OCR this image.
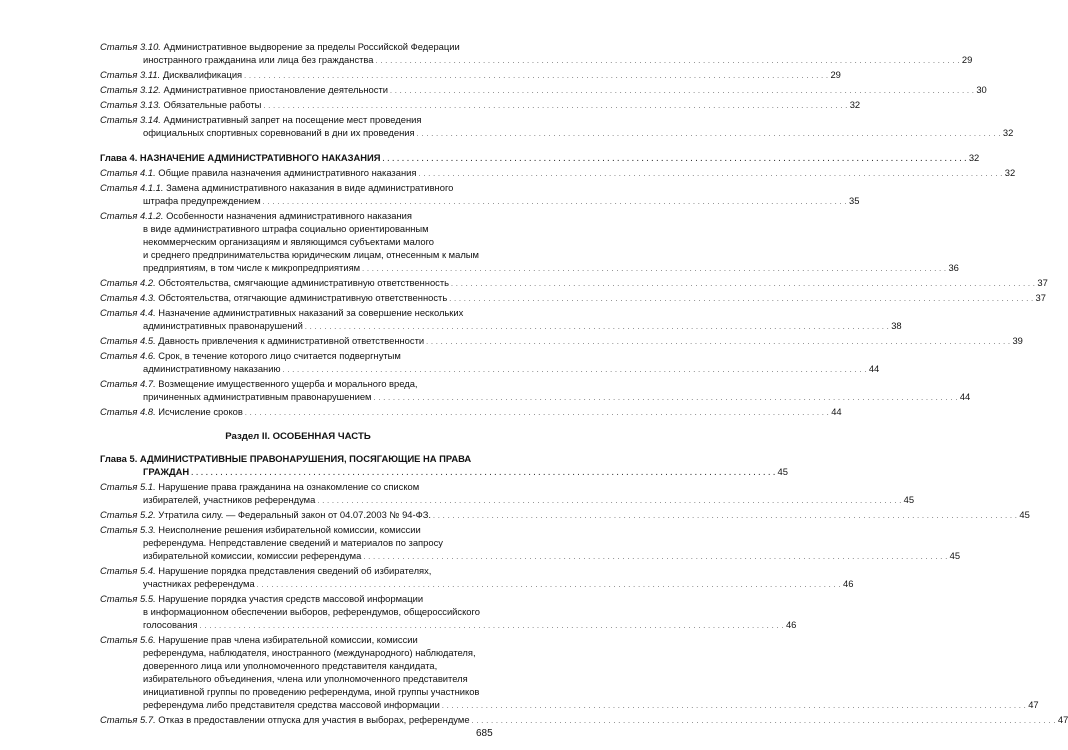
Статья 3.10. Административное выдворение за пределы Российской Федерации
иностранного гражданина или лица без гражданства . . . . . . . . . . . . . . . . . . . . . . . . . . . . . . . . . . . . . . . . . . . . . . . . . . . . . . . . . . . . . . . . . . . . . . . . . . . . . . . . . . . . . . . . . . . . . . . . . . . . . . . . . . . . . . . . . . . . . . . . 29
Статья 3.11. Дисквалификация . . . . . . . . . . . . . . . . . . . . . . . . . . . . . . . . . . . . . . . . . . . . . . . . . . . . . . . . . . . . . . . . . . . . . . . . . . . . . . . . . . . . . . . . . . . . . . . . . . . . . . . . . . . . . . . . . . . . . . . . 29
Статья 3.12. Административное приостановление деятельности . . . . . . . . . . . . . . . . . . . . . . . . . . . . . . . . . . . . . . . . . . . . . . . . . . . . . . . . . . . . . . . . . . . . . . . . . . . . . . . . . . . . . . . . . . . . . . . . . . . . . . . . . . . . . . . . . . . . . . . . 30
Статья 3.13. Обязательные работы . . . . . . . . . . . . . . . . . . . . . . . . . . . . . . . . . . . . . . . . . . . . . . . . . . . . . . . . . . . . . . . . . . . . . . . . . . . . . . . . . . . . . . . . . . . . . . . . . . . . . . . . . . . . . . . . . . . . . . . . 32
Статья 3.14. Административный запрет на посещение мест проведения
официальных спортивных соревнований в дни их проведения . . . . . . . . . . . . . . . . . . . . . . . . . . . . . . . . . . . . . . . . . . . . . . . . . . . . . . . . . . . . . . . . . . . . . . . . . . . . . . . . . . . . . . . . . . . . . . . . . . . . . . . . . . . . . . . . . . . . . . . . 32
Глава 4. НАЗНАЧЕНИЕ АДМИНИСТРАТИВНОГО НАКАЗАНИЯ . . . . . . . . . . . . . . . . . . . . . . . . . . . . . . . . . . . . . . . . . . . . . . . . . . . . . . . . . . . . . . . . . . . . . . . . . . . . . . . . . . . . . . . . . . . . . . . . . . . . . . . . . . . . . . . . . . . . . . . . 32
Статья 4.1. Общие правила назначения административного наказания . . . . . . . . . . . . . . . . . . . . . . . . . . . . . . . . . . . . . . . . . . . . . . . . . . . . . . . . . . . . . . . . . . . . . . . . . . . . . . . . . . . . . . . . . . . . . . . . . . . . . . . . . . . . . . . . . . . . . . . . 32
Статья 4.1.1. Замена административного наказания в виде административного
штрафа предупреждением . . . . . . . . . . . . . . . . . . . . . . . . . . . . . . . . . . . . . . . . . . . . . . . . . . . . . . . . . . . . . . . . . . . . . . . . . . . . . . . . . . . . . . . . . . . . . . . . . . . . . . . . . . . . . . . . . . . . . . . . 35
Статья 4.1.2. Особенности назначения административного наказания
в виде административного штрафа социально ориентированным
некоммерческим организациям и являющимся субъектами малого
и среднего предпринимательства юридическим лицам, отнесенным к малым
предприятиям, в том числе к микропредприятиям . . . . . . . . . . . . . . . . . . . . . . . . . . . . . . . . . . . . . . . . . . . . . . . . . . . . . . . . . . . . . . . . . . . . . . . . . . . . . . . . . . . . . . . . . . . . . . . . . . . . . . . . . . . . . . . . . . . . . . . . 36
Статья 4.2. Обстоятельства, смягчающие административную ответственность . . . . . . . . . . . . . . . . . . . . . . . . . . . . . . . . . . . . . . . . . . . . . . . . . . . . . . . . . . . . . . . . . . . . . . . . . . . . . . . . . . . . . . . . . . . . . . . . . . . . . . . . . . . . . . . . . . . . . . . . 37
Статья 4.3. Обстоятельства, отягчающие административную ответственность . . . . . . . . . . . . . . . . . . . . . . . . . . . . . . . . . . . . . . . . . . . . . . . . . . . . . . . . . . . . . . . . . . . . . . . . . . . . . . . . . . . . . . . . . . . . . . . . . . . . . . . . . . . . . . . . . . . . . . . . 37
Статья 4.4. Назначение административных наказаний за совершение нескольких
административных правонарушений . . . . . . . . . . . . . . . . . . . . . . . . . . . . . . . . . . . . . . . . . . . . . . . . . . . . . . . . . . . . . . . . . . . . . . . . . . . . . . . . . . . . . . . . . . . . . . . . . . . . . . . . . . . . . . . . . . . . . . . . 38
Статья 4.5. Давность привлечения к административной ответственности . . . . . . . . . . . . . . . . . . . . . . . . . . . . . . . . . . . . . . . . . . . . . . . . . . . . . . . . . . . . . . . . . . . . . . . . . . . . . . . . . . . . . . . . . . . . . . . . . . . . . . . . . . . . . . . . . . . . . . . . 39
Статья 4.6. Срок, в течение которого лицо считается подвергнутым
административному наказанию . . . . . . . . . . . . . . . . . . . . . . . . . . . . . . . . . . . . . . . . . . . . . . . . . . . . . . . . . . . . . . . . . . . . . . . . . . . . . . . . . . . . . . . . . . . . . . . . . . . . . . . . . . . . . . . . . . . . . . . . 44
Статья 4.7. Возмещение имущественного ущерба и морального вреда,
причиненных административным правонарушением . . . . . . . . . . . . . . . . . . . . . . . . . . . . . . . . . . . . . . . . . . . . . . . . . . . . . . . . . . . . . . . . . . . . . . . . . . . . . . . . . . . . . . . . . . . . . . . . . . . . . . . . . . . . . . . . . . . . . . . . 44
Статья 4.8. Исчисление сроков . . . . . . . . . . . . . . . . . . . . . . . . . . . . . . . . . . . . . . . . . . . . . . . . . . . . . . . . . . . . . . . . . . . . . . . . . . . . . . . . . . . . . . . . . . . . . . . . . . . . . . . . . . . . . . . . . . . . . . . . 44
Раздел II. ОСОБЕННАЯ ЧАСТЬ
Глава 5. АДМИНИСТРАТИВНЫЕ ПРАВОНАРУШЕНИЯ, ПОСЯГАЮЩИЕ НА ПРАВА
ГРАЖДАН . . . . . . . . . . . . . . . . . . . . . . . . . . . . . . . . . . . . . . . . . . . . . . . . . . . . . . . . . . . . . . . . . . . . . . . . . . . . . . . . . . . . . . . . . . . . . . . . . . . . . . . . . . . . . . . . . . . . . . . . 45
Статья 5.1. Нарушение права гражданина на ознакомление со списком
избирателей, участников референдума . . . . . . . . . . . . . . . . . . . . . . . . . . . . . . . . . . . . . . . . . . . . . . . . . . . . . . . . . . . . . . . . . . . . . . . . . . . . . . . . . . . . . . . . . . . . . . . . . . . . . . . . . . . . . . . . . . . . . . . . 45
Статья 5.2. Утратила силу. — Федеральный закон от 04.07.2003 № 94-ФЗ. . . . . . . . . . . . . . . . . . . . . . . . . . . . . . . . . . . . . . . . . . . . . . . . . . . . . . . . . . . . . . . . . . . . . . . . . . . . . . . . . . . . . . . . . . . . . . . . . . . . . . . . . . . . . . . . . . . . . . . . . 45
Статья 5.3. Неисполнение решения избирательной комиссии, комиссии
референдума. Непредставление сведений и материалов по запросу
избирательной комиссии, комиссии референдума . . . . . . . . . . . . . . . . . . . . . . . . . . . . . . . . . . . . . . . . . . . . . . . . . . . . . . . . . . . . . . . . . . . . . . . . . . . . . . . . . . . . . . . . . . . . . . . . . . . . . . . . . . . . . . . . . . . . . . . . 45
Статья 5.4. Нарушение порядка представления сведений об избирателях,
участниках референдума . . . . . . . . . . . . . . . . . . . . . . . . . . . . . . . . . . . . . . . . . . . . . . . . . . . . . . . . . . . . . . . . . . . . . . . . . . . . . . . . . . . . . . . . . . . . . . . . . . . . . . . . . . . . . . . . . . . . . . . . 46
Статья 5.5. Нарушение порядка участия средств массовой информации
в информационном обеспечении выборов, референдумов, общероссийского
голосования . . . . . . . . . . . . . . . . . . . . . . . . . . . . . . . . . . . . . . . . . . . . . . . . . . . . . . . . . . . . . . . . . . . . . . . . . . . . . . . . . . . . . . . . . . . . . . . . . . . . . . . . . . . . . . . . . . . . . . . . 46
Статья 5.6. Нарушение прав члена избирательной комиссии, комиссии
референдума, наблюдателя, иностранного (международного) наблюдателя,
доверенного лица или уполномоченного представителя кандидата,
избирательного объединения, члена или уполномоченного представителя
инициативной группы по проведению референдума, иной группы участников
референдума либо представителя средства массовой информации . . . . . . . . . . . . . . . . . . . . . . . . . . . . . . . . . . . . . . . . . . . . . . . . . . . . . . . . . . . . . . . . . . . . . . . . . . . . . . . . . . . . . . . . . . . . . . . . . . . . . . . . . . . . . . . . . . . . . . . . 47
Статья 5.7. Отказ в предоставлении отпуска для участия в выборах, референдуме . . . . . . . . . . . . . . . . . . . . . . . . . . . . . . . . . . . . . . . . . . . . . . . . . . . . . . . . . . . . . . . . . . . . . . . . . . . . . . . . . . . . . . . . . . . . . . . . . . . . . . . . . . . . . . . . . . . . . . . . 47
685
